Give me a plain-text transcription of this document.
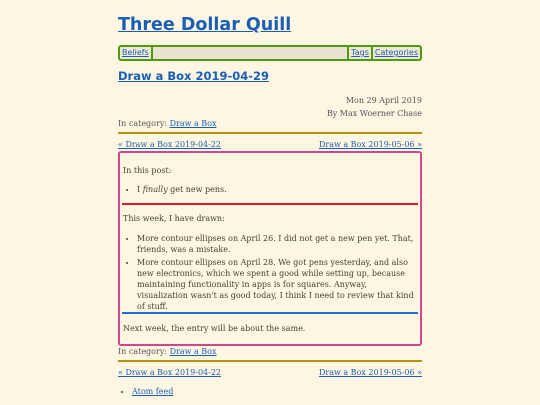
Three Dollar Quill
Beliefs	Tags Categories
Draw a Box 2019-04-29
Mon 29 April 2019
By Max Woerner Chase
In category: Draw a Box
« Draw a Box 2019-04-22	Draw a Box 2019-05-06 »

In this post:

• I finally get new pens.

This week, I have drawn:

• More contour ellipses on April 26. I did not get a new pen yet. That, friends, was a mistake.
• More contour ellipses on April 28. We got pens yesterday, and also new electronics, which we spent a good while setting up, because maintaining functionality in apps is for squares. Anyway, visualization wasn't as good today, I think I need to review that kind of stuff.

Next week, the entry will be about the same.

In category: Draw a Box
« Draw a Box 2019-04-22	Draw a Box 2019-05-06 »
• Atom feed
